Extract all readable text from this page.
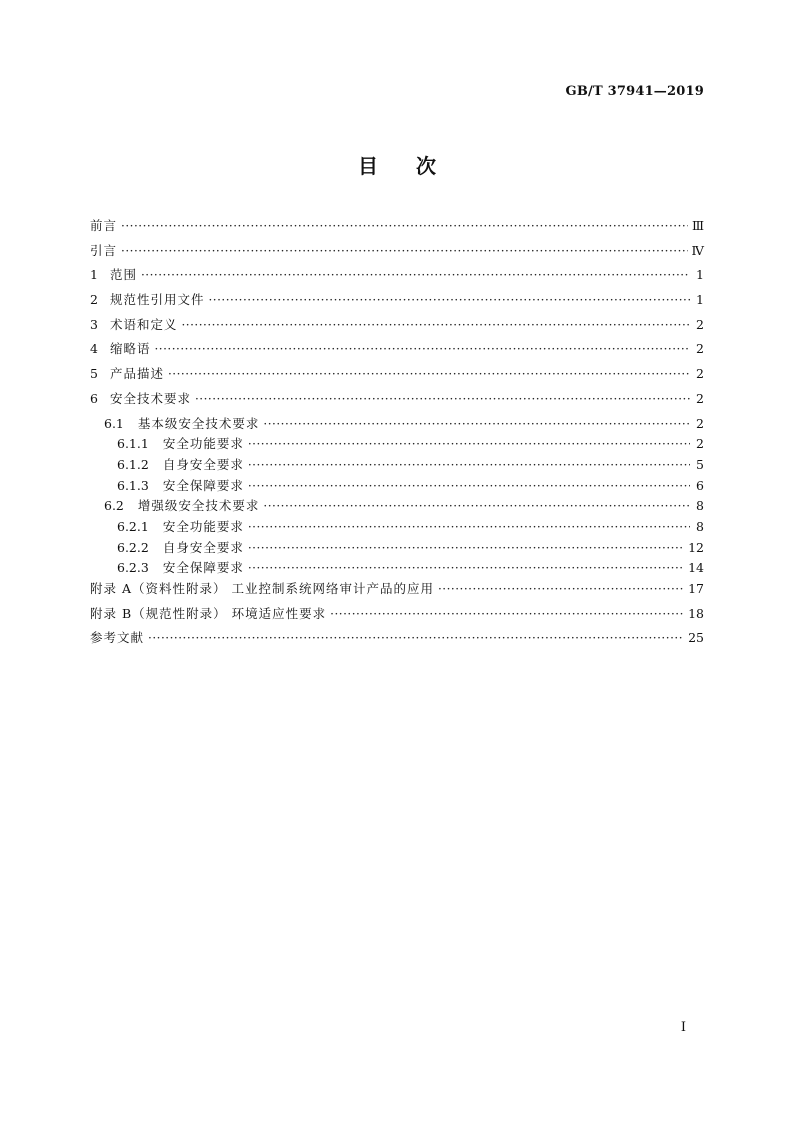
GB/T 37941—2019
目次
前言 ·····	Ⅲ
引言 ·····	Ⅳ
1 范围 ·····	1
2 规范性引用文件 ·····	1
3 术语和定义 ·····	2
4 缩略语 ·····	2
5 产品描述 ·····	2
6 安全技术要求 ·····	2
6.1 基本级安全技术要求 ·····	2
6.1.1 安全功能要求 ·····	2
6.1.2 自身安全要求 ·····	5
6.1.3 安全保障要求 ·····	6
6.2 增强级安全技术要求 ·····	8
6.2.1 安全功能要求 ·····	8
6.2.2 自身安全要求 ·····	12
6.2.3 安全保障要求 ·····	14
附录 A（资料性附录） 工业控制系统网络审计产品的应用 ·····	17
附录 B（规范性附录） 环境适应性要求 ·····	18
参考文献 ·····	25
Ⅰ
